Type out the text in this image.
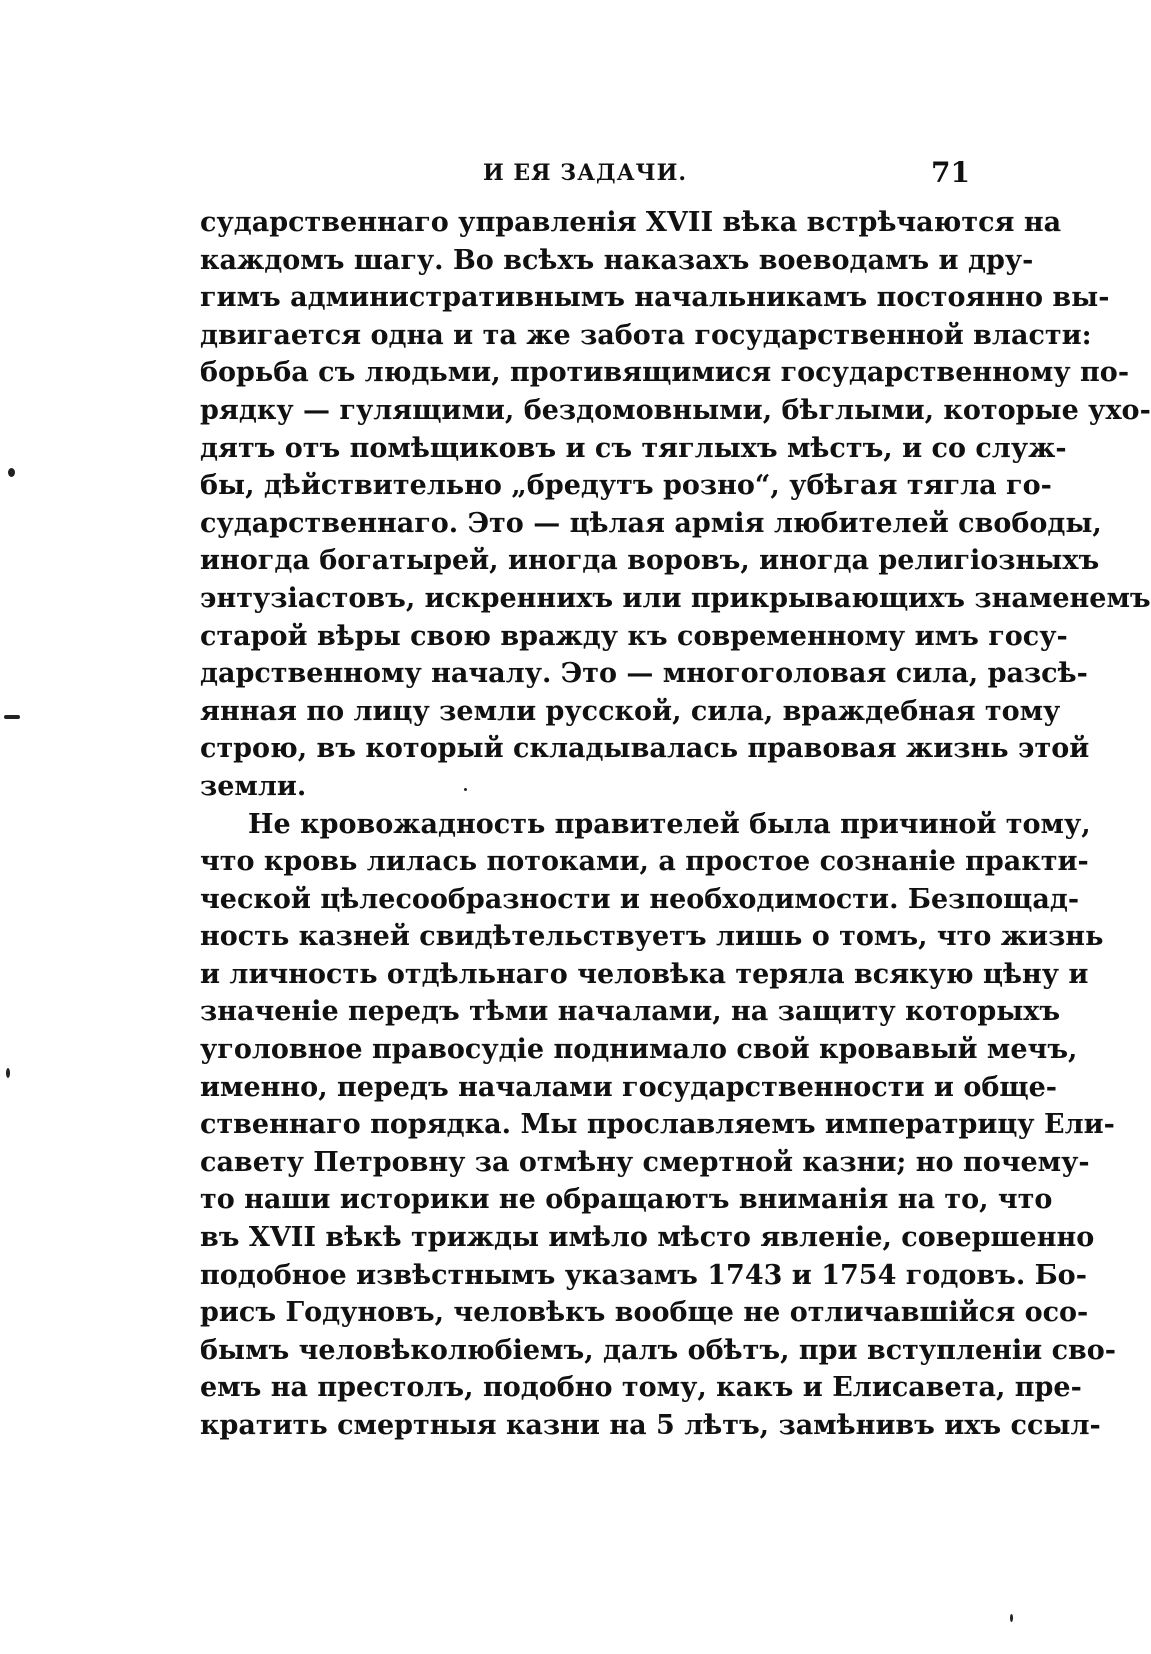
И ЕЯ ЗАДАЧИ.	71
сударственнаго управленія XVII вѣка встрѣчаются на
каждомъ шагу. Во всѣхъ наказахъ воеводамъ и дру-
гимъ административнымъ начальникамъ постоянно вы-
двигается одна и та же забота государственной власти:
борьба съ людьми, противящимися государственному по-
рядку — гулящими, бездомовными, бѣглыми, которые ухо-
дятъ отъ помѣщиковъ и съ тяглыхъ мѣстъ, и со служ-
бы, дѣйствительно „бредутъ розно“, убѣгая тягла го-
сударственнаго. Это — цѣлая армія любителей свободы,
иногда богатырей, иногда воровъ, иногда религіозныхъ
энтузіастовъ, искреннихъ или прикрывающихъ знаменемъ
старой вѣры свою вражду къ современному имъ госу-
дарственному началу. Это — многоголовая сила, разсѣ-
янная по лицу земли русской, сила, враждебная тому
строю, въ который складывалась правовая жизнь этой
земли.
Не кровожадность правителей была причиной тому,
что кровь лилась потоками, а простое сознаніе практи-
ческой цѣлесообразности и необходимости. Безпощад-
ность казней свидѣтельствуетъ лишь о томъ, что жизнь
и личность отдѣльнаго человѣка теряла всякую цѣну и
значеніе передъ тѣми началами, на защиту которыхъ
уголовное правосудіе поднимало свой кровавый мечъ,
именно, передъ началами государственности и обще-
ственнаго порядка. Мы прославляемъ императрицу Ели-
савету Петровну за отмѣну смертной казни; но почему-
то наши историки не обращаютъ вниманія на то, что
въ XVII вѣкѣ трижды имѣло мѣсто явленіе, совершенно
подобное извѣстнымъ указамъ 1743 и 1754 годовъ. Бо-
рисъ Годуновъ, человѣкъ вообще не отличавшійся осо-
бымъ человѣколюбіемъ, далъ обѣтъ, при вступленіи сво-
емъ на престолъ, подобно тому, какъ и Елисавета, пре-
кратить смертныя казни на 5 лѣтъ, замѣнивъ ихъ ссыл-
